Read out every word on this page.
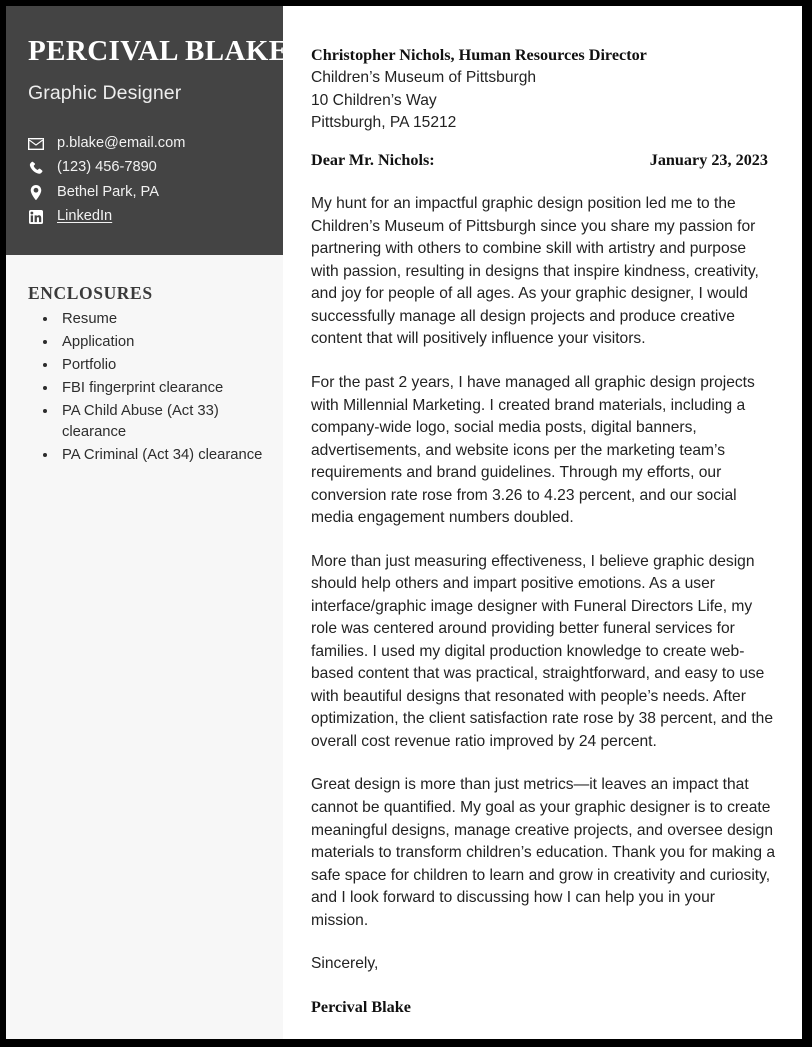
PERCIVAL BLAKE
Graphic Designer
p.blake@email.com
(123) 456-7890
Bethel Park, PA
LinkedIn
ENCLOSURES
• Resume
• Application
• Portfolio
• FBI fingerprint clearance
• PA Child Abuse (Act 33) clearance
• PA Criminal (Act 34) clearance
Christopher Nichols, Human Resources Director
Children’s Museum of Pittsburgh
10 Children’s Way
Pittsburgh, PA 15212
Dear Mr. Nichols:	January 23, 2023

My hunt for an impactful graphic design position led me to the Children’s Museum of Pittsburgh since you share my passion for partnering with others to combine skill with artistry and purpose with passion, resulting in designs that inspire kindness, creativity, and joy for people of all ages. As your graphic designer, I would successfully manage all design projects and produce creative content that will positively influence your visitors.

For the past 2 years, I have managed all graphic design projects with Millennial Marketing. I created brand materials, including a company-wide logo, social media posts, digital banners, advertisements, and website icons per the marketing team’s requirements and brand guidelines. Through my efforts, our conversion rate rose from 3.26 to 4.23 percent, and our social media engagement numbers doubled.

More than just measuring effectiveness, I believe graphic design should help others and impart positive emotions. As a user interface/graphic image designer with Funeral Directors Life, my role was centered around providing better funeral services for families. I used my digital production knowledge to create web-based content that was practical, straightforward, and easy to use with beautiful designs that resonated with people’s needs. After optimization, the client satisfaction rate rose by 38 percent, and the overall cost revenue ratio improved by 24 percent.

Great design is more than just metrics—it leaves an impact that cannot be quantified. My goal as your graphic designer is to create meaningful designs, manage creative projects, and oversee design materials to transform children’s education. Thank you for making a safe space for children to learn and grow in creativity and curiosity, and I look forward to discussing how I can help you in your mission.

Sincerely,
Percival Blake
